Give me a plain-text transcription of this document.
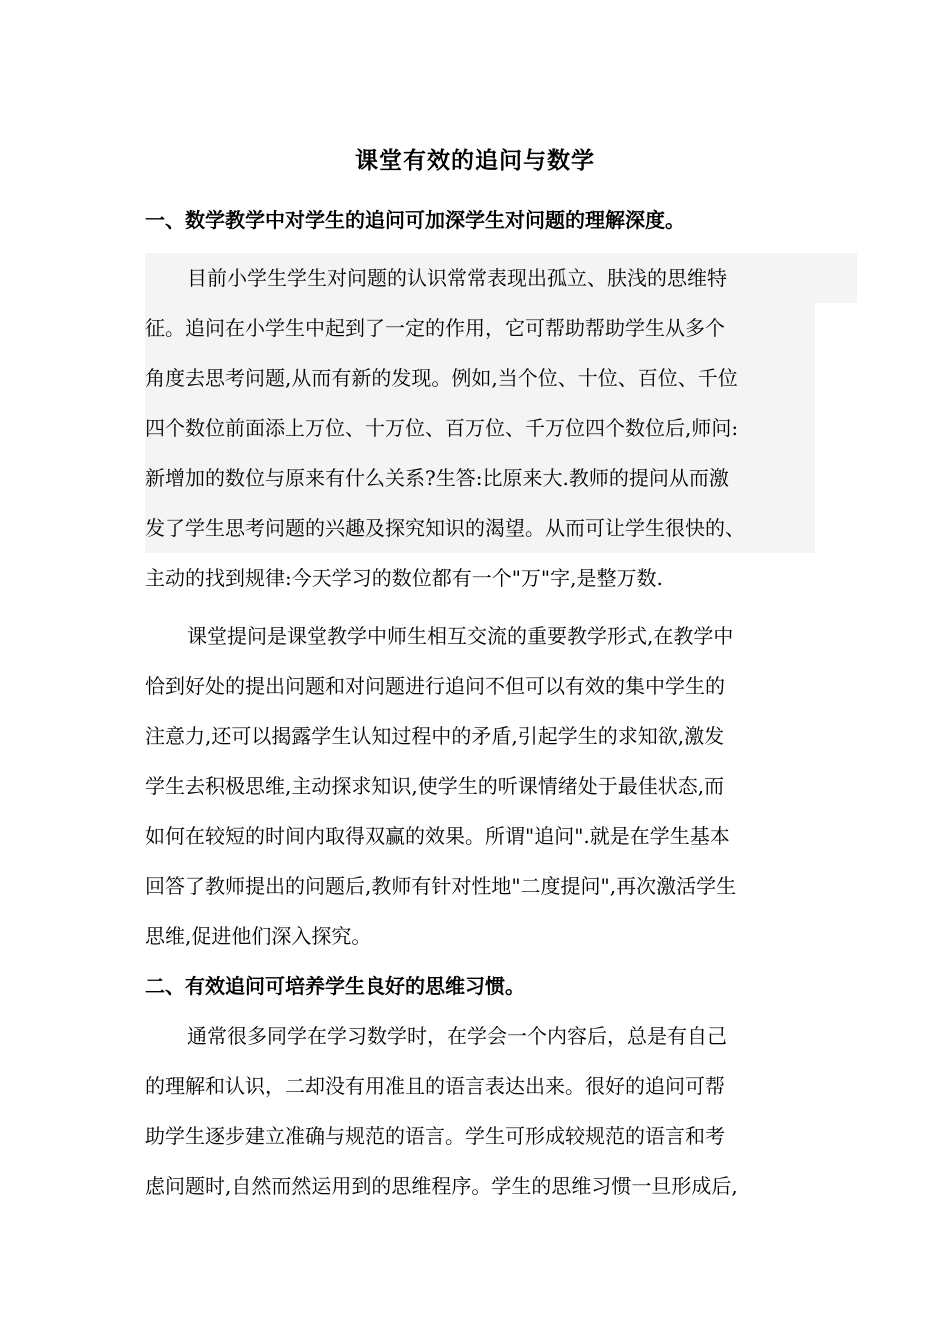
课堂有效的追问与数学
一、数学教学中对学生的追问可加深学生对问题的理解深度。
目前小学生学生对问题的认识常常表现出孤立、肤浅的思维特
征。追问在小学生中起到了一定的作用，它可帮助帮助学生从多个
角度去思考问题,从而有新的发现。例如,当个位、十位、百位、千位
四个数位前面添上万位、十万位、百万位、千万位四个数位后,师问:
新增加的数位与原来有什么关系?生答:比原来大.教师的提问从而激
发了学生思考问题的兴趣及探究知识的渴望。从而可让学生很快的、
主动的找到规律:今天学习的数位都有一个"万"字,是整万数.
课堂提问是课堂教学中师生相互交流的重要教学形式,在教学中
恰到好处的提出问题和对问题进行追问不但可以有效的集中学生的
注意力,还可以揭露学生认知过程中的矛盾,引起学生的求知欲,激发
学生去积极思维,主动探求知识,使学生的听课情绪处于最佳状态,而
如何在较短的时间内取得双赢的效果。所谓"追问".就是在学生基本
回答了教师提出的问题后,教师有针对性地"二度提问",再次激活学生
思维,促进他们深入探究。
二、有效追问可培养学生良好的思维习惯。
通常很多同学在学习数学时，在学会一个内容后，总是有自己
的理解和认识，二却没有用准且的语言表达出来。很好的追问可帮
助学生逐步建立准确与规范的语言。学生可形成较规范的语言和考
虑问题时,自然而然运用到的思维程序。学生的思维习惯一旦形成后,
